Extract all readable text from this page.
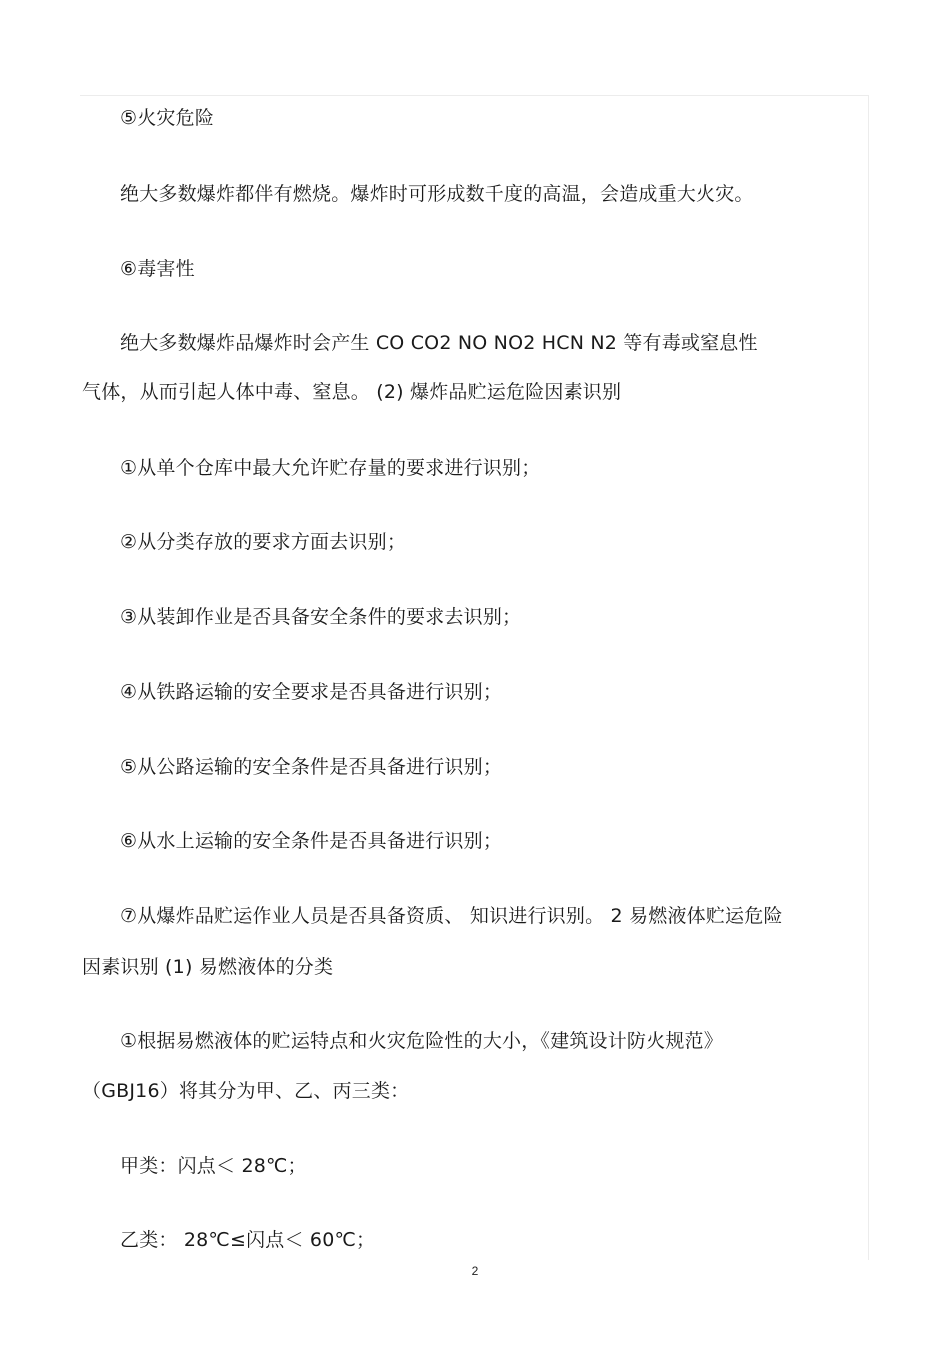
⑤火灾危险
绝大多数爆炸都伴有燃烧。爆炸时可形成数千度的高温，会造成重大火灾。
⑥毒害性
绝大多数爆炸品爆炸时会产生 CO CO2 NO NO2 HCN N2 等有毒或窒息性
气体，从而引起人体中毒、窒息。 (2) 爆炸品贮运危险因素识别
①从单个仓库中最大允许贮存量的要求进行识别；
②从分类存放的要求方面去识别；
③从装卸作业是否具备安全条件的要求去识别；
④从铁路运输的安全要求是否具备进行识别；
⑤从公路运输的安全条件是否具备进行识别；
⑥从水上运输的安全条件是否具备进行识别；
⑦从爆炸品贮运作业人员是否具备资质、 知识进行识别。 2 易燃液体贮运危险
因素识别 (1) 易燃液体的分类
①根据易燃液体的贮运特点和火灾危险性的大小，《建筑设计防火规范》
（GBJ16）将其分为甲、乙、丙三类：
甲类：闪点＜ 28℃；
乙类： 28℃≤闪点＜ 60℃；
2
